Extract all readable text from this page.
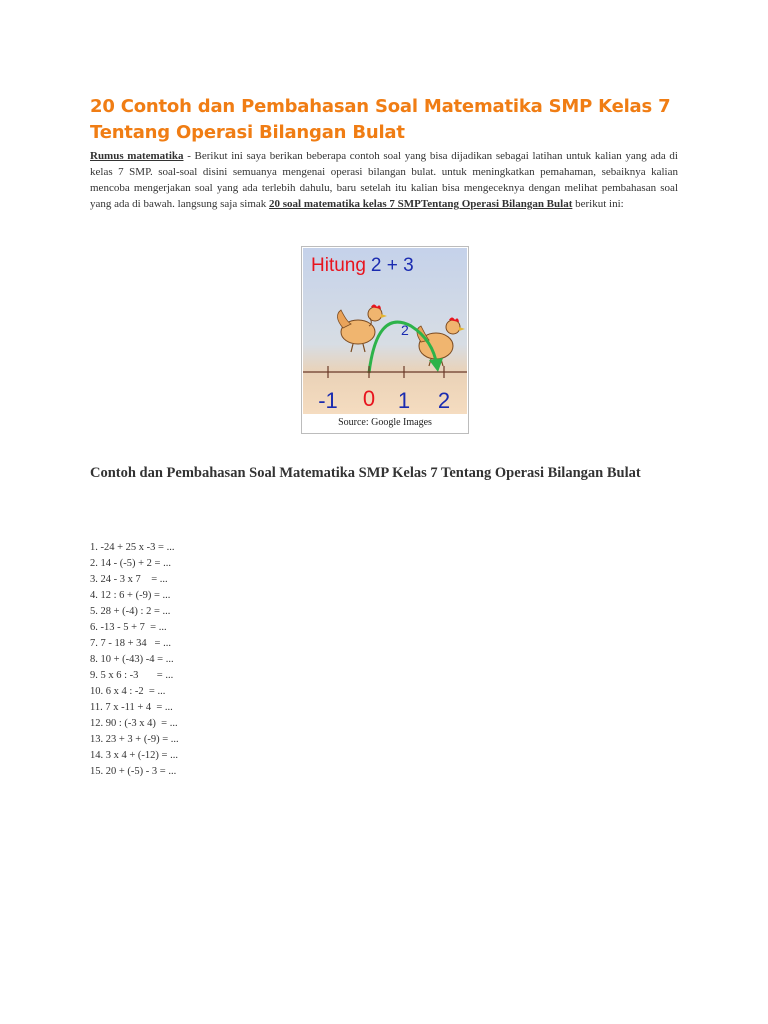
20 Contoh dan Pembahasan Soal Matematika SMP Kelas 7 Tentang Operasi Bilangan Bulat

Rumus matematika - Berikut ini saya berikan beberapa contoh soal yang bisa dijadikan sebagai latihan untuk kalian yang ada di kelas 7 SMP. soal-soal disini semuanya mengenai operasi bilangan bulat. untuk meningkatkan pemahaman, sebaiknya kalian mencoba mengerjakan soal yang ada terlebih dahulu, baru setelah itu kalian bisa mengeceknya dengan melihat pembahasan soal yang ada di bawah. langsung saja simak 20 soal matematika kelas 7 SMPTentang Operasi Bilangan Bulat berikut ini:

Hitung 2 + 3
2
-1 0 1 2
Source: Google Images
Contoh dan Pembahasan Soal Matematika SMP Kelas 7 Tentang Operasi Bilangan Bulat
1. -24 + 25 x -3 = ...
2. 14 - (-5) + 2 = ...
3. 24 - 3 x 7    = ...
4. 12 : 6 + (-9) = ...
5. 28 + (-4) : 2 = ...
6. -13 - 5 + 7  = ...
7. 7 - 18 + 34   = ...
8. 10 + (-43) -4 = ...
9. 5 x 6 : -3       = ...
10. 6 x 4 : -2  = ...
11. 7 x -11 + 4  = ...
12. 90 : (-3 x 4)  = ...
13. 23 + 3 + (-9) = ...
14. 3 x 4 + (-12) = ...
15. 20 + (-5) - 3 = ...
